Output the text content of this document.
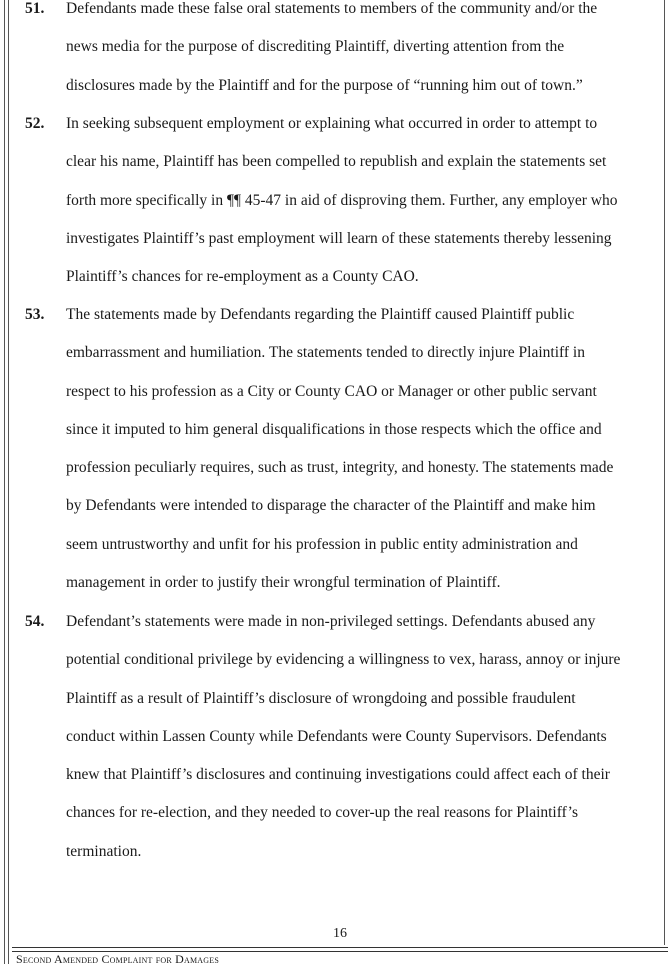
51. Defendants made these false oral statements to members of the community and/or the
news media for the purpose of discrediting Plaintiff, diverting attention from the
disclosures made by the Plaintiff and for the purpose of “running him out of town.”
52. In seeking subsequent employment or explaining what occurred in order to attempt to
clear his name, Plaintiff has been compelled to republish and explain the statements set
forth more specifically in ¶¶ 45-47 in aid of disproving them. Further, any employer who
investigates Plaintiff’s past employment will learn of these statements thereby lessening
Plaintiff’s chances for re-employment as a County CAO.
53. The statements made by Defendants regarding the Plaintiff caused Plaintiff public
embarrassment and humiliation. The statements tended to directly injure Plaintiff in
respect to his profession as a City or County CAO or Manager or other public servant
since it imputed to him general disqualifications in those respects which the office and
profession peculiarly requires, such as trust, integrity, and honesty. The statements made
by Defendants were intended to disparage the character of the Plaintiff and make him
seem untrustworthy and unfit for his profession in public entity administration and
management in order to justify their wrongful termination of Plaintiff.
54. Defendant’s statements were made in non-privileged settings. Defendants abused any
potential conditional privilege by evidencing a willingness to vex, harass, annoy or injure
Plaintiff as a result of Plaintiff’s disclosure of wrongdoing and possible fraudulent
conduct within Lassen County while Defendants were County Supervisors. Defendants
knew that Plaintiff’s disclosures and continuing investigations could affect each of their
chances for re-election, and they needed to cover-up the real reasons for Plaintiff’s
termination.
16
Second Amended Complaint for Damages
